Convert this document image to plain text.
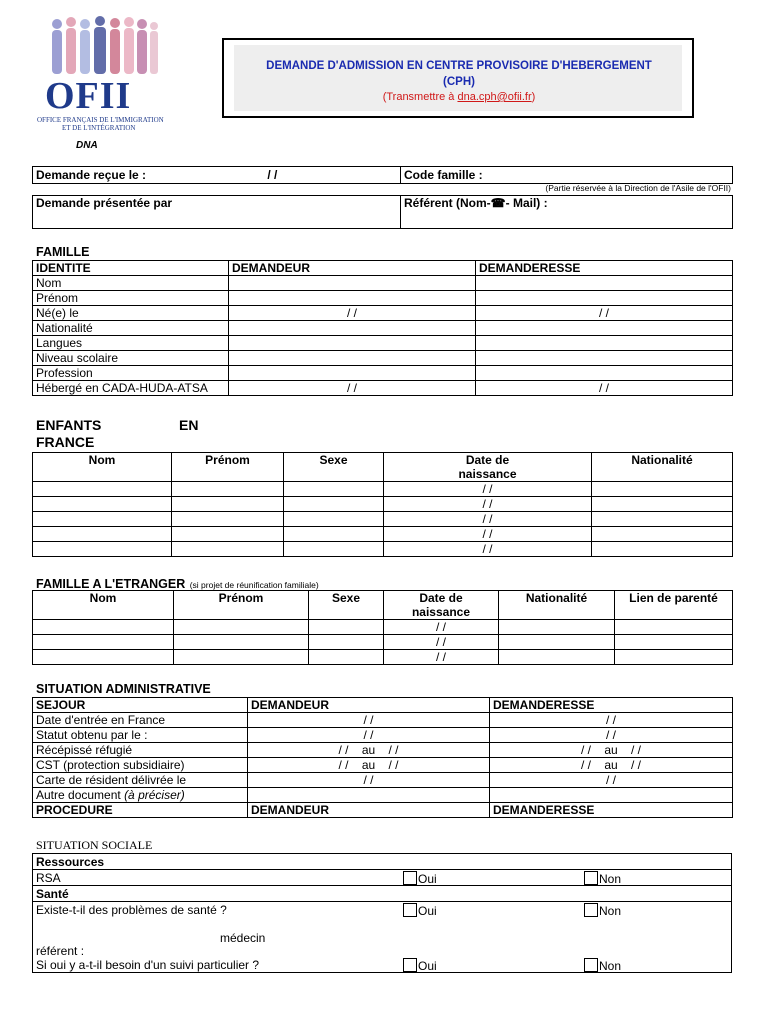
OFII
OFFICE FRANÇAIS DE L'IMMIGRATION
ET DE L'INTÉGRATION
DNA
DEMANDE D'ADMISSION EN CENTRE PROVISOIRE D'HEBERGEMENT
(CPH)
(Transmettre à dna.cph@ofii.fr)
Demande reçue le :	/ /	Code famille :
(Partie réservée à la Direction de l'Asile de l'OFII)
Demande présentée par	Référent (Nom-☎- Mail) :
FAMILLE
IDENTITE	DEMANDEUR	DEMANDERESSE
Nom		
Prénom		
Né(e) le	/ /	/ /
Nationalité		
Langues		
Niveau scolaire		
Profession		
Hébergé en CADA-HUDA-ATSA	/ /	/ /
ENFANTS	EN

FRANCE
Nom	Prénom	Sexe	Date de
naissance	Nationalité
			/ /	
			/ /	
			/ /	
			/ /	
			/ /	
FAMILLE A L'ETRANGER (si projet de réunification familiale)
Nom	Prénom	Sexe	Date de
naissance	Nationalité	Lien de parenté
			/ /		
			/ /		
			/ /		
SITUATION ADMINISTRATIVE
SEJOUR	DEMANDEUR	DEMANDERESSE
Date d'entrée en France	/ /	/ /
Statut obtenu par le :	/ /	/ /
Récépissé réfugié	/ / au / /	/ / au / /
CST (protection subsidiaire)	/ / au / /	/ / au / /
Carte de résident délivrée le	/ /	/ /
Autre document (à préciser)		
PROCEDURE	DEMANDEUR	DEMANDERESSE
SITUATION SOCIALE
Ressources
RSA	Oui	Non
Santé
Existe-t-il des problèmes de santé ?	Oui	Non
médecin
référent :
Si oui y a-t-il besoin d'un suivi particulier ?	Oui	Non
